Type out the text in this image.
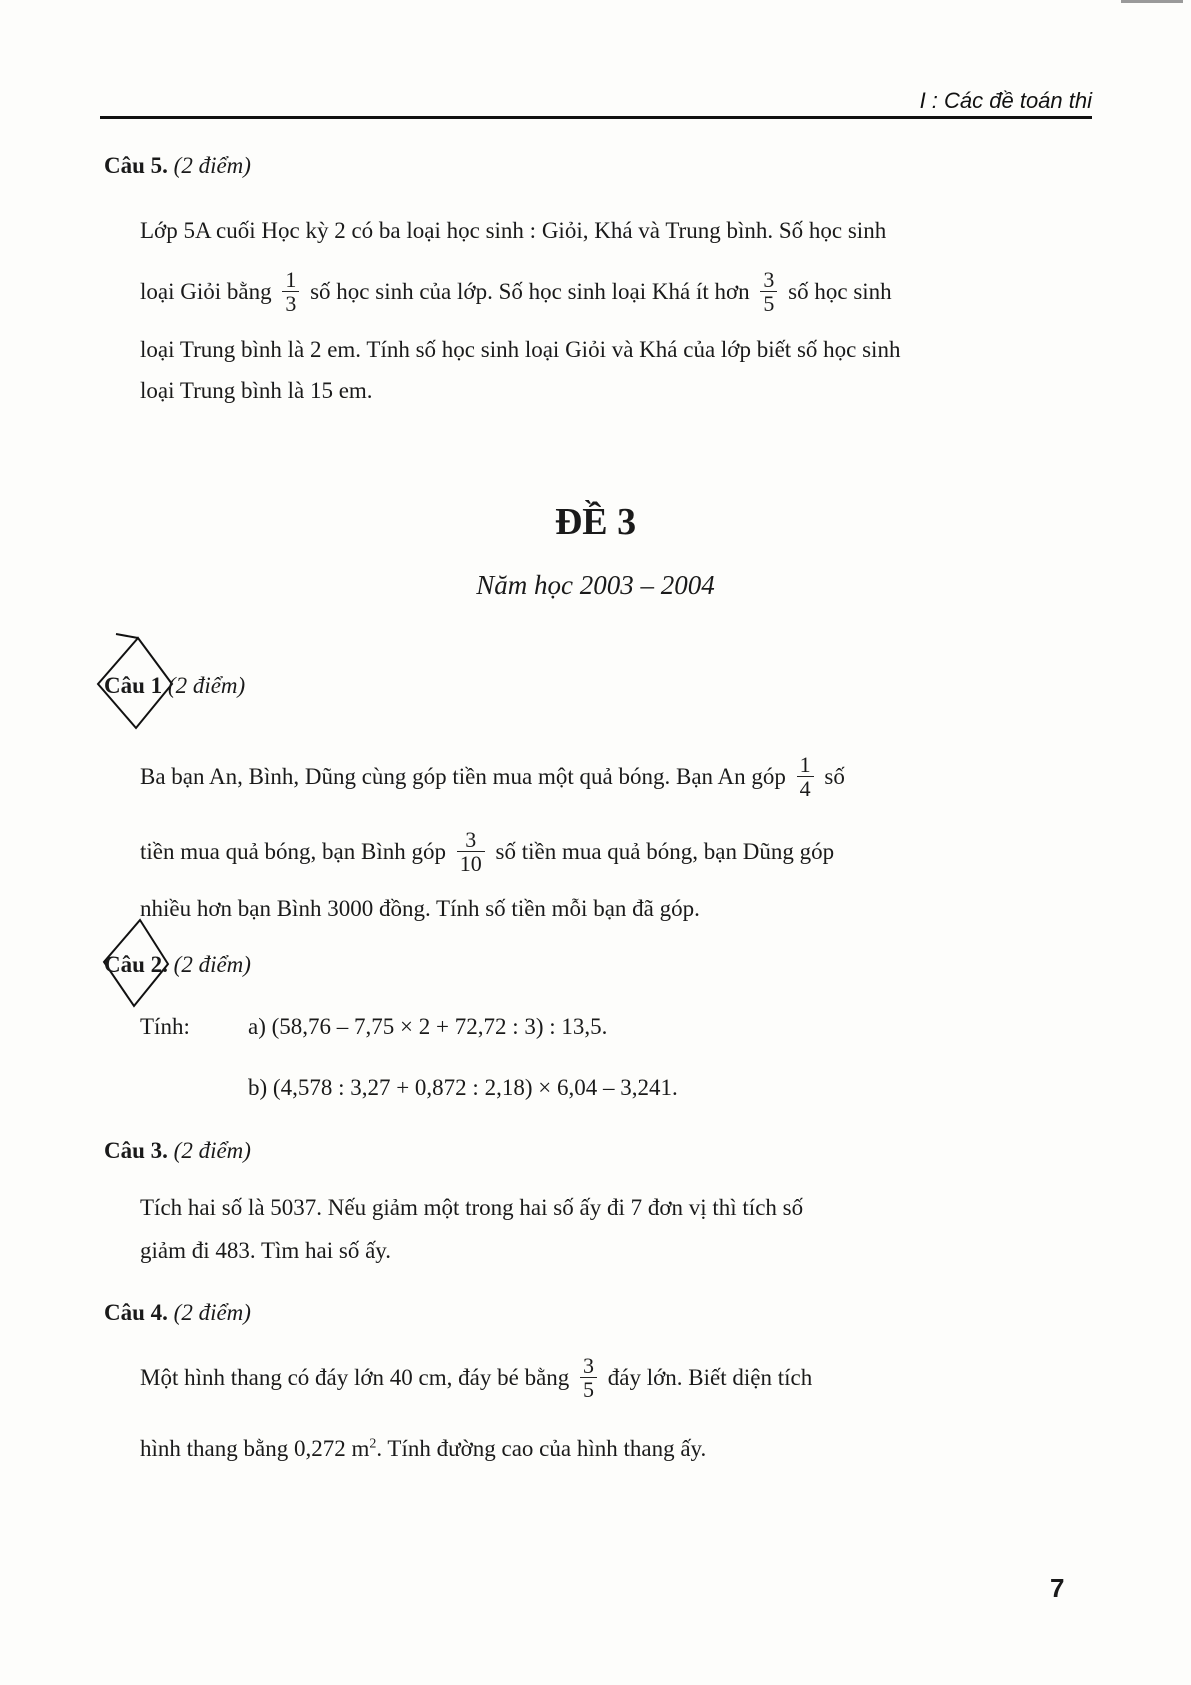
I : Các đề toán thi
Câu 5. (2 điểm)
Lớp 5A cuối Học kỳ 2 có ba loại học sinh : Giỏi, Khá và Trung bình. Số học sinh
loại Giỏi bằng $\frac{1}{3}$ số học sinh của lớp. Số học sinh loại Khá ít hơn $\frac{3}{5}$ số học sinh
loại Trung bình là 2 em. Tính số học sinh loại Giỏi và Khá của lớp biết số học sinh
loại Trung bình là 15 em.
ĐỀ 3
Năm học 2003 – 2004
Câu 1 (2 điểm)
Ba bạn An, Bình, Dũng cùng góp tiền mua một quả bóng. Bạn An góp $\frac{1}{4}$ số
tiền mua quả bóng, bạn Bình góp $\frac{3}{10}$ số tiền mua quả bóng, bạn Dũng góp
nhiều hơn bạn Bình 3000 đồng. Tính số tiền mỗi bạn đã góp.
Câu 2. (2 điểm)
Tính:	a) (58,76 – 7,75 × 2 + 72,72 : 3) : 13,5.
b) (4,578 : 3,27 + 0,872 : 2,18) × 6,04 – 3,241.
Câu 3. (2 điểm)
Tích hai số là 5037. Nếu giảm một trong hai số ấy đi 7 đơn vị thì tích số
giảm đi 483. Tìm hai số ấy.
Câu 4. (2 điểm)
Một hình thang có đáy lớn 40 cm, đáy bé bằng $\frac{3}{5}$ đáy lớn. Biết diện tích
hình thang bằng 0,272 $m^2$. Tính đường cao của hình thang ấy.
7
